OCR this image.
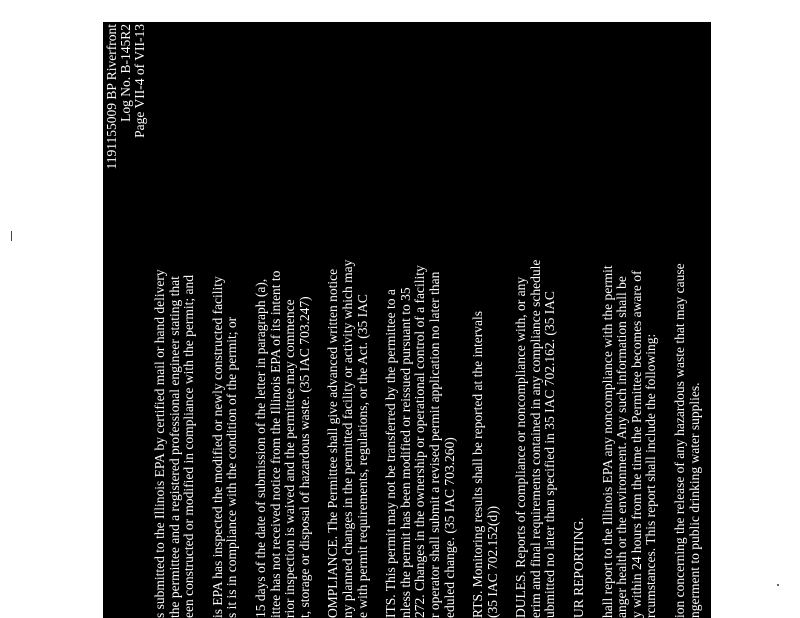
1191155009 BP Riverfront Log No. B-145R2 Page VII-4 of VII-13
s submitted to the Illinois EPA by certified mail or hand delivery the permittee and a registered professional engineer stating that een constructed or modified in compliance with the permit; and is EPA has inspected the modified or newly constructed facility s it is in compliance with the condition of the permit; or 15 days of the date of submission of the letter in paragraph (a), ittee has not received notice from the Illinois EPA of its intent to rior inspection is waived and the permittee may commence t, storage or disposal of hazardous waste. (35 IAC 703.247) OMPLIANCE. The Permittee shall give advanced written notice ny planned changes in the permitted facility or activity which may e with permit requirements, regulations, or the Act. (35 IAC ITS. This permit may not be transferred by the permittee to a nless the permit has been modified or reissued pursuant to 35 272. Changes in the ownership or operational control of a facility r operator shall submit a revised permit application no later than eduled change. (35 IAC 703.260) RTS. Monitoring results shall be reported at the intervals (35 IAC 702.152(d)) DULES. Reports of compliance or noncompliance with, or any erim and final requirements contained in any compliance schedule ubmitted no later than specified in 35 IAC 702.162. (35 IAC UR REPORTING. hall report to the Illinois EPA any noncompliance with the permit anger health or the environment. Any such information shall be y within 24 hours from the time the Permittee becomes aware of rcumstances. This report shall include the following: ion concerning the release of any hazardous waste that may cause ngerment to public drinking water supplies. ion concerning the release or discharge of any hazardous waste or or explosion at the hazardous waste management facility, which reaten the environment or human health outside the facility.
